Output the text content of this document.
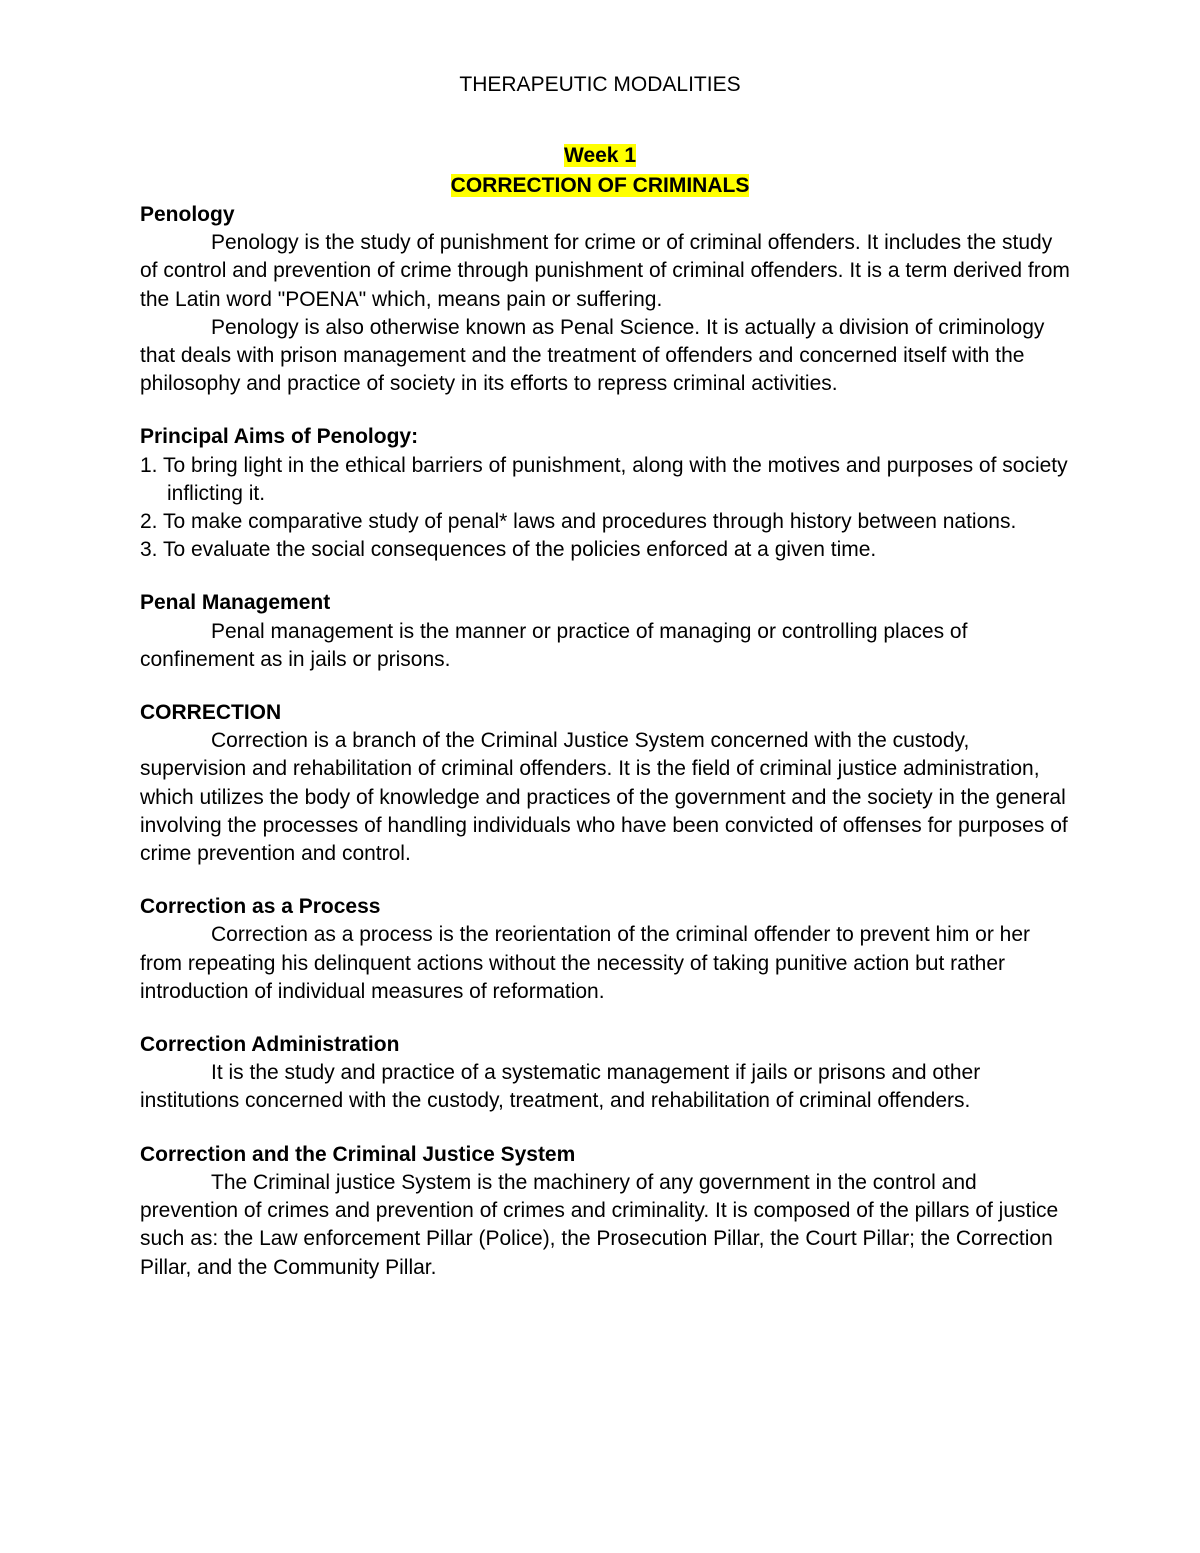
THERAPEUTIC MODALITIES
Week 1
CORRECTION OF CRIMINALS
Penology

Penology is the study of punishment for crime or of criminal offenders. It includes the study of control and prevention of crime through punishment of criminal offenders. It is a term derived from the Latin word "POENA" which, means pain or suffering.

Penology is also otherwise known as Penal Science. It is actually a division of criminology that deals with prison management and the treatment of offenders and concerned itself with the philosophy and practice of society in its efforts to repress criminal activities.

Principal Aims of Penology:
1. To bring light in the ethical barriers of punishment, along with the motives and purposes of society inflicting it.
2. To make comparative study of penal* laws and procedures through history between nations.
3. To evaluate the social consequences of the policies enforced at a given time.
Penal Management

Penal management is the manner or practice of managing or controlling places of confinement as in jails or prisons.

CORRECTION

Correction is a branch of the Criminal Justice System concerned with the custody, supervision and rehabilitation of criminal offenders. It is the field of criminal justice administration, which utilizes the body of knowledge and practices of the government and the society in the general involving the processes of handling individuals who have been convicted of offenses for purposes of crime prevention and control.

Correction as a Process

Correction as a process is the reorientation of the criminal offender to prevent him or her from repeating his delinquent actions without the necessity of taking punitive action but rather introduction of individual measures of reformation.

Correction Administration

It is the study and practice of a systematic management if jails or prisons and other institutions concerned with the custody, treatment, and rehabilitation of criminal offenders.

Correction and the Criminal Justice System

The Criminal justice System is the machinery of any government in the control and prevention of crimes and prevention of crimes and criminality. It is composed of the pillars of justice such as: the Law enforcement Pillar (Police), the Prosecution Pillar, the Court Pillar; the Correction Pillar, and the Community Pillar.
